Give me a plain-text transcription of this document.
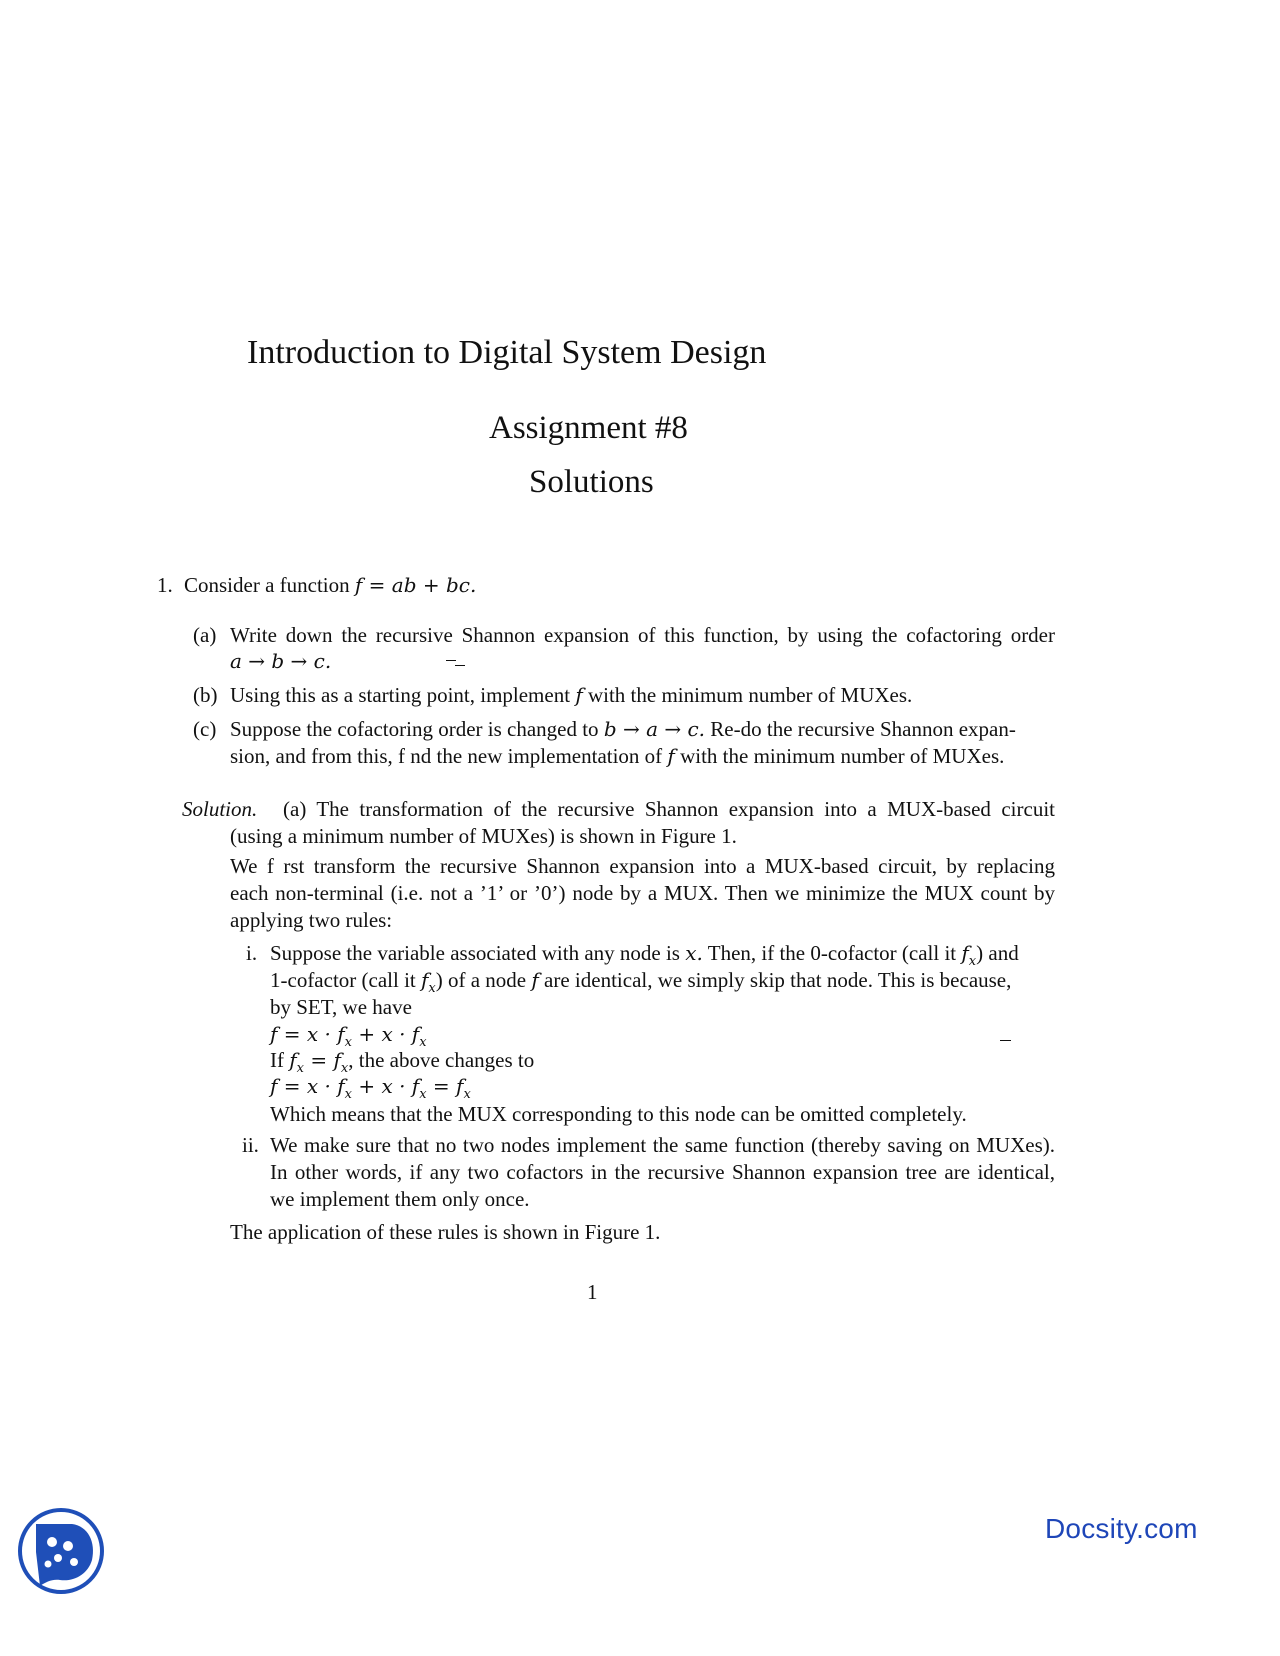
Introduction to Digital System Design
Assignment #8
Solutions
1. Consider a function f = ab + bc.
(a) Write down the recursive Shannon expansion of this function, by using the cofactoring order
a → b → c.
(b) Using this as a starting point, implement f with the minimum number of MUXes.
(c) Suppose the cofactoring order is changed to b → a → c. Re-do the recursive Shannon expan-
sion, and from this, f nd the new implementation of f with the minimum number of MUXes.
Solution. (a) The transformation of the recursive Shannon expansion into a MUX-based circuit
(using a minimum number of MUXes) is shown in Figure 1.
We f rst transform the recursive Shannon expansion into a MUX-based circuit, by replacing
each non-terminal (i.e. not a ’1’ or ’0’) node by a MUX. Then we minimize the MUX count by
applying two rules:
i. Suppose the variable associated with any node is x. Then, if the 0-cofactor (call it $f_x$) and
1-cofactor (call it $f_x$) of a node f are identical, we simply skip that node. This is because,
by SET, we have
$f = x \cdot f_x + x \cdot f_x$
If $f_x = f_x$, the above changes to
$f = x \cdot f_x + x \cdot f_x = f_x$
Which means that the MUX corresponding to this node can be omitted completely.
ii. We make sure that no two nodes implement the same function (thereby saving on MUXes).
In other words, if any two cofactors in the recursive Shannon expansion tree are identical,
we implement them only once.
The application of these rules is shown in Figure 1.
1
Docsity.com
